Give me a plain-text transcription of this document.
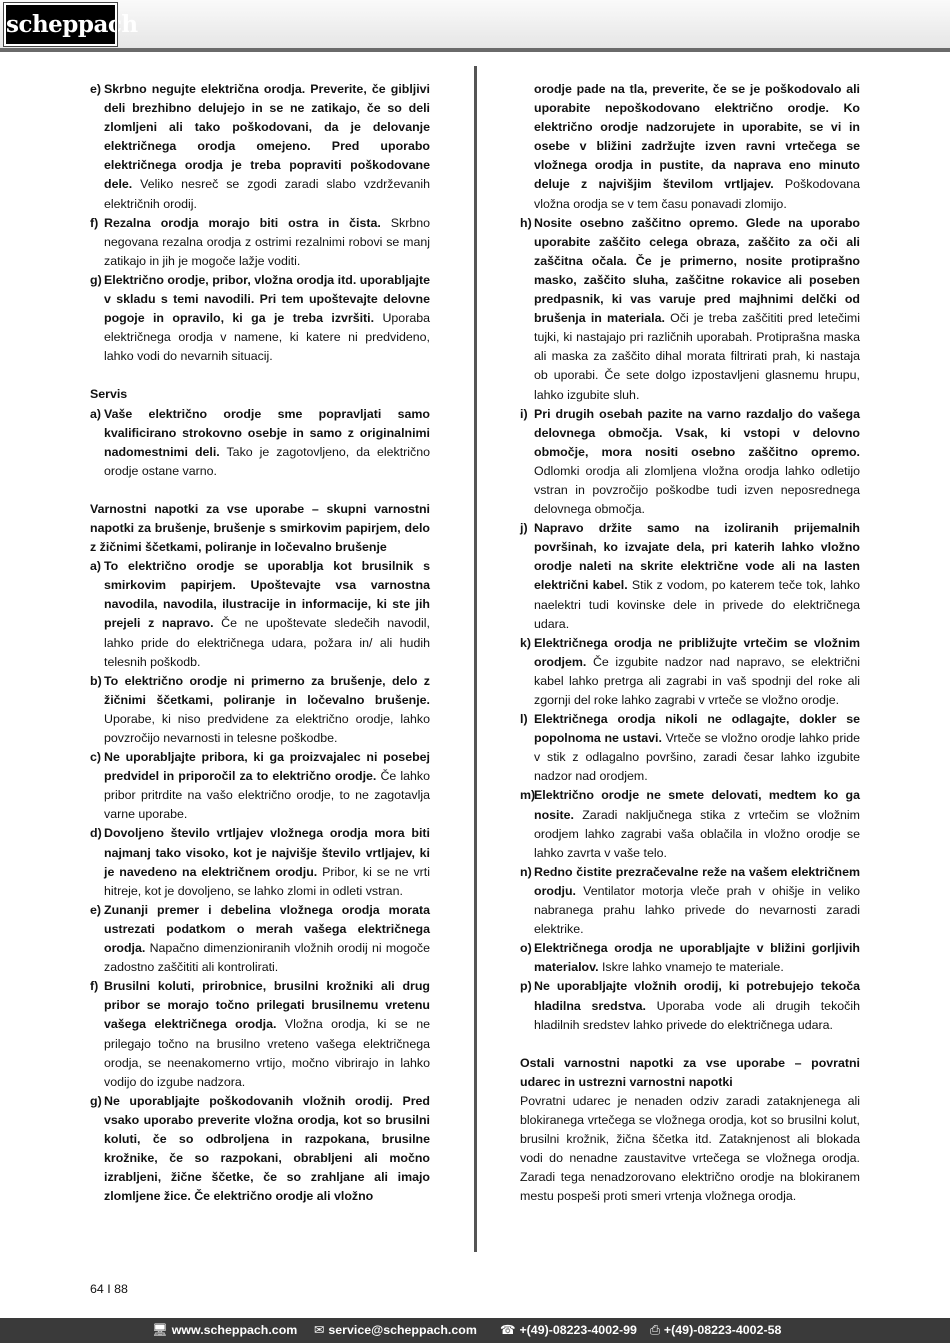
scheppach
e) Skrbno negujte električna orodja. Preverite, če gibljivi deli brezhibno delujejo in se ne zatikajo, če so deli zlomljeni ali tako poškodovani, da je delovanje električnega orodja omejeno. Pred uporabo električnega orodja je treba popraviti poškodovane dele. Veliko nesreč se zgodi zaradi slabo vzdrževanih električnih orodij.
f) Rezalna orodja morajo biti ostra in čista. Skrbno negovana rezalna orodja z ostrimi rezalnimi robovi se manj zatikajo in jih je mogoče lažje voditi.
g) Električno orodje, pribor, vložna orodja itd. uporabljajte v skladu s temi navodili. Pri tem upoštevajte delovne pogoje in opravilo, ki ga je treba izvršiti. Uporaba električnega orodja v namene, ki katere ni predvideno, lahko vodi do nevarnih situacij.
Servis
a) Vaše električno orodje sme popravljati samo kvalificirano strokovno osebje in samo z originalnimi nadomestnimi deli. Tako je zagotovljeno, da električno orodje ostane varno.
Varnostni napotki za vse uporabe – skupni varnostni napotki za brušenje, brušenje s smirkovim papirjem, delo z žičnimi ščetkami, poliranje in ločevalno brušenje
a) To električno orodje se uporablja kot brusilnik s smirkovim papirjem. Upoštevajte vsa varnostna navodila, navodila, ilustracije in informacije, ki ste jih prejeli z napravo. Če ne upoštevate sledečih navodil, lahko pride do električnega udara, požara in/ ali hudih telesnih poškodb.
b) To električno orodje ni primerno za brušenje, delo z žičnimi ščetkami, poliranje in ločevalno brušenje. Uporabe, ki niso predvidene za električno orodje, lahko povzročijo nevarnosti in telesne poškodbe.
c) Ne uporabljajte pribora, ki ga proizvajalec ni posebej predvidel in priporočil za to električno orodje. Če lahko pribor pritrdite na vašo električno orodje, to ne zagotavlja varne uporabe.
d) Dovoljeno število vrtljajev vložnega orodja mora biti najmanj tako visoko, kot je najvišje število vrtljajev, ki je navedeno na električnem orodju. Pribor, ki se ne vrti hitreje, kot je dovoljeno, se lahko zlomi in odleti vstran.
e) Zunanji premer i debelina vložnega orodja morata ustrezati podatkom o merah vašega električnega orodja. Napačno dimenzioniranih vložnih orodij ni mogoče zadostno zaščititi ali kontrolirati.
f) Brusilni koluti, prirobnice, brusilni krožniki ali drug pribor se morajo točno prilegati brusilnemu vretenu vašega električnega orodja. Vložna orodja, ki se ne prilegajo točno na brusilno vreteno vašega električnega orodja, se neenakomerno vrtijo, močno vibrirajo in lahko vodijo do izgube nadzora.
g) Ne uporabljajte poškodovanih vložnih orodij. Pred vsako uporabo preverite vložna orodja, kot so brusilni koluti, če so odbroljena in razpokana, brusilne krožnike, če so razpokani, obrabljeni ali močno izrabljeni, žične ščetke, če so zrahljane ali imajo zlomljene žice. Če električno orodje ali vložno
orodje pade na tla, preverite, če se je poškodovalo ali uporabite nepoškodovano električno orodje. Ko električno orodje nadzorujete in uporabite, se vi in osebe v bližini zadržujte izven ravni vrtečega se vložnega orodja in pustite, da naprava eno minuto deluje z najvišjim številom vrtljajev. Poškodovana vložna orodja se v tem času ponavadi zlomijo.
h) Nosite osebno zaščitno opremo. Glede na uporabo uporabite zaščito celega obraza, zaščito za oči ali zaščitna očala. Če je primerno, nosite protiprašno masko, zaščito sluha, zaščitne rokavice ali poseben predpasnik, ki vas varuje pred majhnimi delčki od brušenja in materiala. Oči je treba zaščititi pred letečimi tujki, ki nastajajo pri različnih uporabah. Protiprašna maska ali maska za zaščito dihal morata filtrirati prah, ki nastaja ob uporabi. Če sete dolgo izpostavljeni glasnemu hrupu, lahko izgubite sluh.
i) Pri drugih osebah pazite na varno razdaljo do vašega delovnega območja. Vsak, ki vstopi v delovno območje, mora nositi osebno zaščitno opremo. Odlomki orodja ali zlomljena vložna orodja lahko odletijo vstran in povzročijo poškodbe tudi izven neposrednega delovnega območja.
j) Napravo držite samo na izoliranih prijemalnih površinah, ko izvajate dela, pri katerih lahko vložno orodje naleti na skrite električne vode ali na lasten električni kabel. Stik z vodom, po katerem teče tok, lahko naelektri tudi kovinske dele in privede do električnega udara.
k) Električnega orodja ne približujte vrtečim se vložnim orodjem. Če izgubite nadzor nad napravo, se električni kabel lahko pretrga ali zagrabi in vaš spodnji del roke ali zgornji del roke lahko zagrabi v vrteče se vložno orodje.
l) Električnega orodja nikoli ne odlagajte, dokler se popolnoma ne ustavi. Vrteče se vložno orodje lahko pride v stik z odlagalno površino, zaradi česar lahko izgubite nadzor nad orodjem.
m)
Električno orodje ne smete delovati, medtem ko ga nosite. Zaradi naključnega stika z vrtečim se vložnim orodjem lahko zagrabi vaša oblačila in vložno orodje se lahko zavrta v vaše telo.
n) Redno čistite prezračevalne reže na vašem električnem orodju. Ventilator motorja vleče prah v ohišje in veliko nabranega prahu lahko privede do nevarnosti zaradi elektrike.
o) Električnega orodja ne uporabljajte v bližini gorljivih materialov. Iskre lahko vnamejo te materiale.
p) Ne uporabljajte vložnih orodij, ki potrebujejo tekoča hladilna sredstva. Uporaba vode ali drugih tekočih hladilnih sredstev lahko privede do električnega udara.
Ostali varnostni napotki za vse uporabe – povratni udarec in ustrezni varnostni napotki
Povratni udarec je nenaden odziv zaradi zataknjenega ali blokiranega vrtečega se vložnega orodja, kot so brusilni kolut, brusilni krožnik, žična ščetka itd. Zataknjenost ali blokada vodi do nenadne zaustavitve vrtečega se vložnega orodja. Zaradi tega nenadzorovano električno orodje na blokiranem mestu pospeši proti smeri vrtenja vložnega orodja.
64 I 88
🖥 www.scheppach.com ✉ service@scheppach.com ☎ +(49)-08223-4002-99 ⎙ +(49)-08223-4002-58
